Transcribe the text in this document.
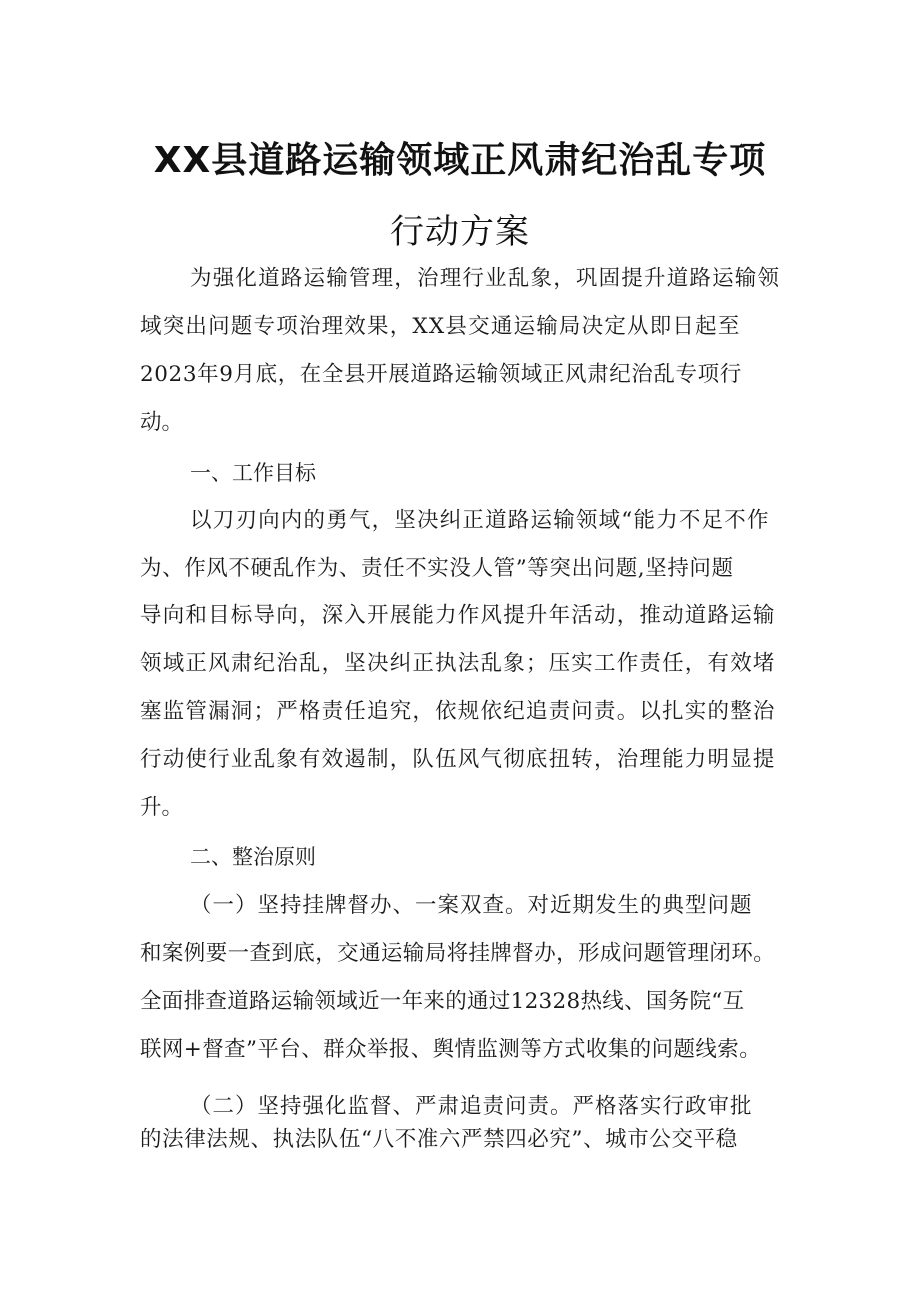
XX县道路运输领域正风肃纪治乱专项
行动方案
为强化道路运输管理，治理行业乱象，巩固提升道路运输领
域突出问题专项治理效果，XX县交通运输局决定从即日起至
2023年9月底，在全县开展道路运输领域正风肃纪治乱专项行
动。
一、工作目标
以刀刃向内的勇气，坚决纠正道路运输领域“能力不足不作
为、作风不硬乱作为、责任不实没人管”等突出问题,坚持问题
导向和目标导向，深入开展能力作风提升年活动，推动道路运输
领域正风肃纪治乱，坚决纠正执法乱象；压实工作责任，有效堵
塞监管漏洞；严格责任追究，依规依纪追责问责。以扎实的整治
行动使行业乱象有效遏制，队伍风气彻底扭转，治理能力明显提
升。
二、整治原则
（一）坚持挂牌督办、一案双查。对近期发生的典型问题
和案例要一查到底，交通运输局将挂牌督办，形成问题管理闭环。
全面排查道路运输领域近一年来的通过12328热线、国务院“互
联网+督查”平台、群众举报、舆情监测等方式收集的问题线索。
（二）坚持强化监督、严肃追责问责。严格落实行政审批
的法律法规、执法队伍“八不准六严禁四必究”、城市公交平稳
